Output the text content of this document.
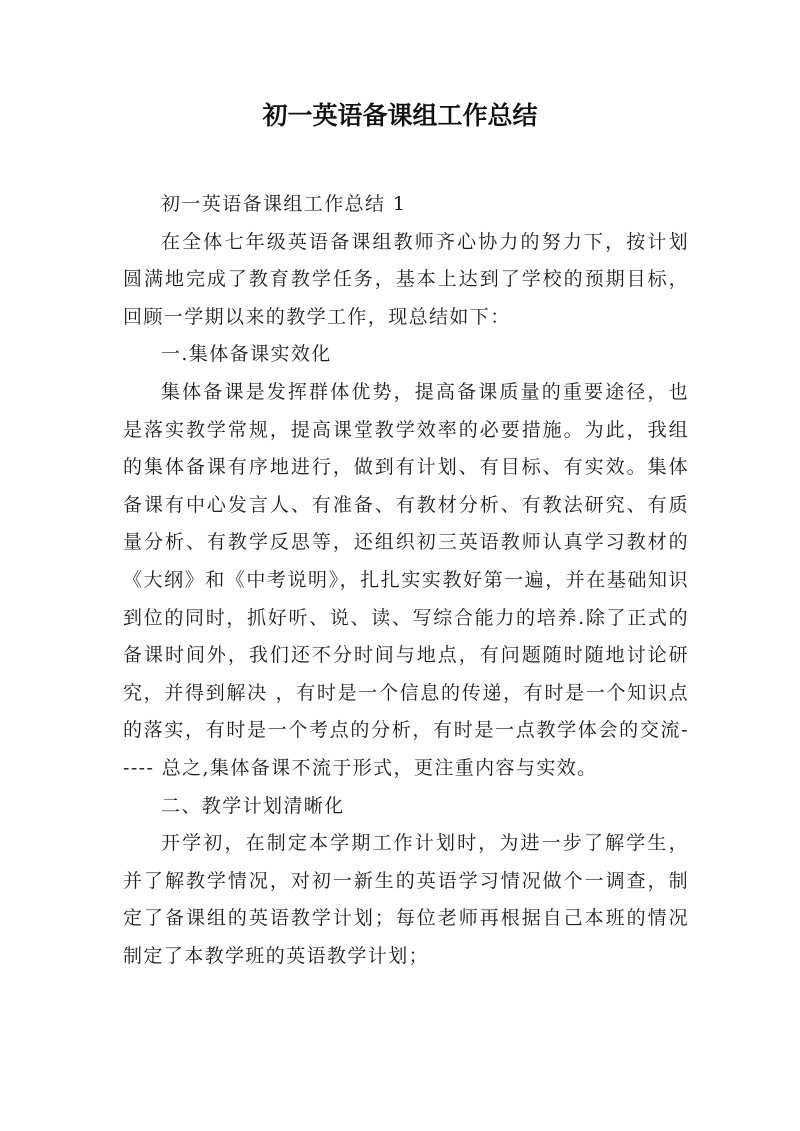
初一英语备课组工作总结

初一英语备课组工作总结 1

在全体七年级英语备课组教师齐心协力的努力下，按计划圆满地完成了教育教学任务，基本上达到了学校的预期目标，回顾一学期以来的教学工作，现总结如下：

一.集体备课实效化

集体备课是发挥群体优势，提高备课质量的重要途径，也是落实教学常规，提高课堂教学效率的必要措施。为此，我组的集体备课有序地进行，做到有计划、有目标、有实效。集体备课有中心发言人、有准备、有教材分析、有教法研究、有质量分析、有教学反思等，还组织初三英语教师认真学习教材的《大纲》和《中考说明》，扎扎实实教好第一遍，并在基础知识到位的同时，抓好听、说、读、写综合能力的培养.除了正式的备课时间外，我们还不分时间与地点，有问题随时随地讨论研究，并得到解决 ，有时是一个信息的传递，有时是一个知识点的落实，有时是一个考点的分析，有时是一点教学体会的交流----- 总之,集体备课不流于形式，更注重内容与实效。

二、教学计划清晰化

开学初，在制定本学期工作计划时，为进一步了解学生，并了解教学情况，对初一新生的英语学习情况做个一调查，制定了备课组的英语教学计划；每位老师再根据自己本班的情况制定了本教学班的英语教学计划；
